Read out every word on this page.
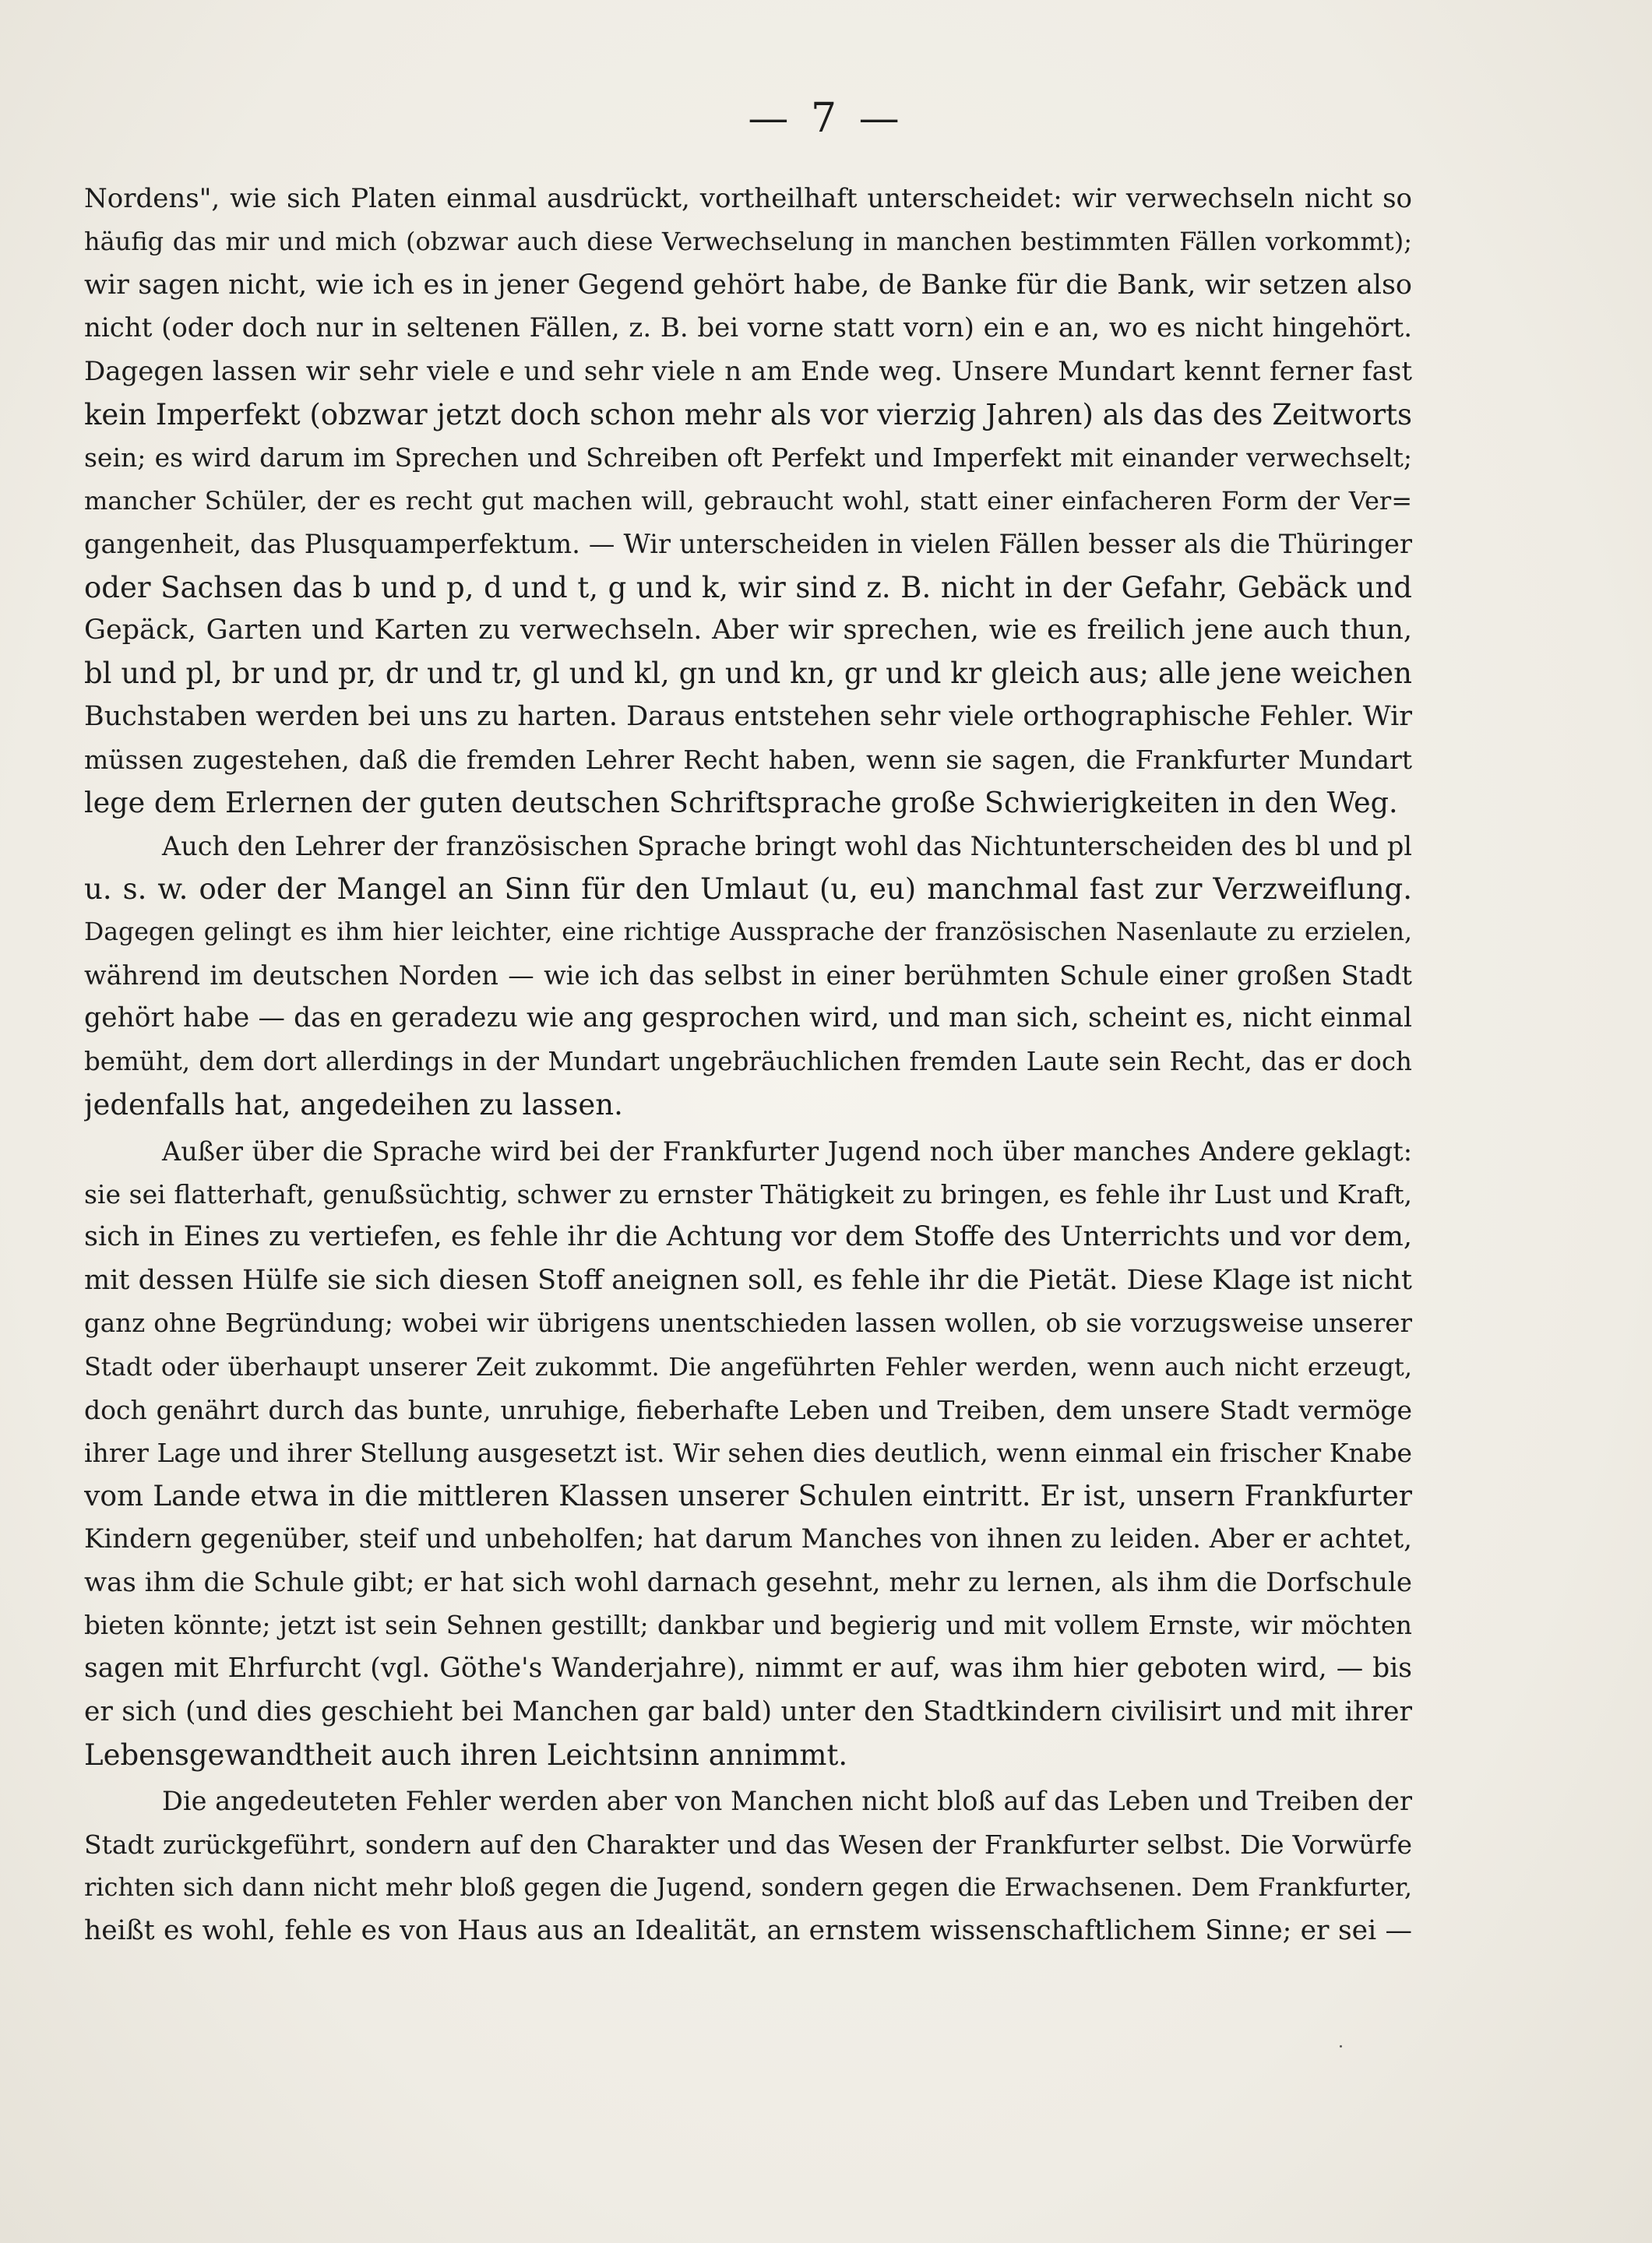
— 7 —
Nordens", wie sich Platen einmal ausdrückt, vortheilhaft unterscheidet: wir verwechseln nicht so
häufig das mir und mich (obzwar auch diese Verwechselung in manchen bestimmten Fällen vorkommt);
wir sagen nicht, wie ich es in jener Gegend gehört habe, de Banke für die Bank, wir setzen also
nicht (oder doch nur in seltenen Fällen, z. B. bei vorne statt vorn) ein e an, wo es nicht hingehört.
Dagegen lassen wir sehr viele e und sehr viele n am Ende weg. Unsere Mundart kennt ferner fast
kein Imperfekt (obzwar jetzt doch schon mehr als vor vierzig Jahren) als das des Zeitworts
sein; es wird darum im Sprechen und Schreiben oft Perfekt und Imperfekt mit einander verwechselt;
mancher Schüler, der es recht gut machen will, gebraucht wohl, statt einer einfacheren Form der Ver=
gangenheit, das Plusquamperfektum. — Wir unterscheiden in vielen Fällen besser als die Thüringer
oder Sachsen das b und p, d und t, g und k, wir sind z. B. nicht in der Gefahr, Gebäck und
Gepäck, Garten und Karten zu verwechseln. Aber wir sprechen, wie es freilich jene auch thun,
bl und pl, br und pr, dr und tr, gl und kl, gn und kn, gr und kr gleich aus; alle jene weichen
Buchstaben werden bei uns zu harten. Daraus entstehen sehr viele orthographische Fehler. Wir
müssen zugestehen, daß die fremden Lehrer Recht haben, wenn sie sagen, die Frankfurter Mundart
lege dem Erlernen der guten deutschen Schriftsprache große Schwierigkeiten in den Weg.
Auch den Lehrer der französischen Sprache bringt wohl das Nichtunterscheiden des bl und pl
u. s. w. oder der Mangel an Sinn für den Umlaut (u, eu) manchmal fast zur Verzweiflung.
Dagegen gelingt es ihm hier leichter, eine richtige Aussprache der französischen Nasenlaute zu erzielen,
während im deutschen Norden — wie ich das selbst in einer berühmten Schule einer großen Stadt
gehört habe — das en geradezu wie ang gesprochen wird, und man sich, scheint es, nicht einmal
bemüht, dem dort allerdings in der Mundart ungebräuchlichen fremden Laute sein Recht, das er doch
jedenfalls hat, angedeihen zu lassen.
Außer über die Sprache wird bei der Frankfurter Jugend noch über manches Andere geklagt:
sie sei flatterhaft, genußsüchtig, schwer zu ernster Thätigkeit zu bringen, es fehle ihr Lust und Kraft,
sich in Eines zu vertiefen, es fehle ihr die Achtung vor dem Stoffe des Unterrichts und vor dem,
mit dessen Hülfe sie sich diesen Stoff aneignen soll, es fehle ihr die Pietät. Diese Klage ist nicht
ganz ohne Begründung; wobei wir übrigens unentschieden lassen wollen, ob sie vorzugsweise unserer
Stadt oder überhaupt unserer Zeit zukommt. Die angeführten Fehler werden, wenn auch nicht erzeugt,
doch genährt durch das bunte, unruhige, fieberhafte Leben und Treiben, dem unsere Stadt vermöge
ihrer Lage und ihrer Stellung ausgesetzt ist. Wir sehen dies deutlich, wenn einmal ein frischer Knabe
vom Lande etwa in die mittleren Klassen unserer Schulen eintritt. Er ist, unsern Frankfurter
Kindern gegenüber, steif und unbeholfen; hat darum Manches von ihnen zu leiden. Aber er achtet,
was ihm die Schule gibt; er hat sich wohl darnach gesehnt, mehr zu lernen, als ihm die Dorfschule
bieten könnte; jetzt ist sein Sehnen gestillt; dankbar und begierig und mit vollem Ernste, wir möchten
sagen mit Ehrfurcht (vgl. Göthe's Wanderjahre), nimmt er auf, was ihm hier geboten wird, — bis
er sich (und dies geschieht bei Manchen gar bald) unter den Stadtkindern civilisirt und mit ihrer
Lebensgewandtheit auch ihren Leichtsinn annimmt.
Die angedeuteten Fehler werden aber von Manchen nicht bloß auf das Leben und Treiben der
Stadt zurückgeführt, sondern auf den Charakter und das Wesen der Frankfurter selbst. Die Vorwürfe
richten sich dann nicht mehr bloß gegen die Jugend, sondern gegen die Erwachsenen. Dem Frankfurter,
heißt es wohl, fehle es von Haus aus an Idealität, an ernstem wissenschaftlichem Sinne; er sei —
